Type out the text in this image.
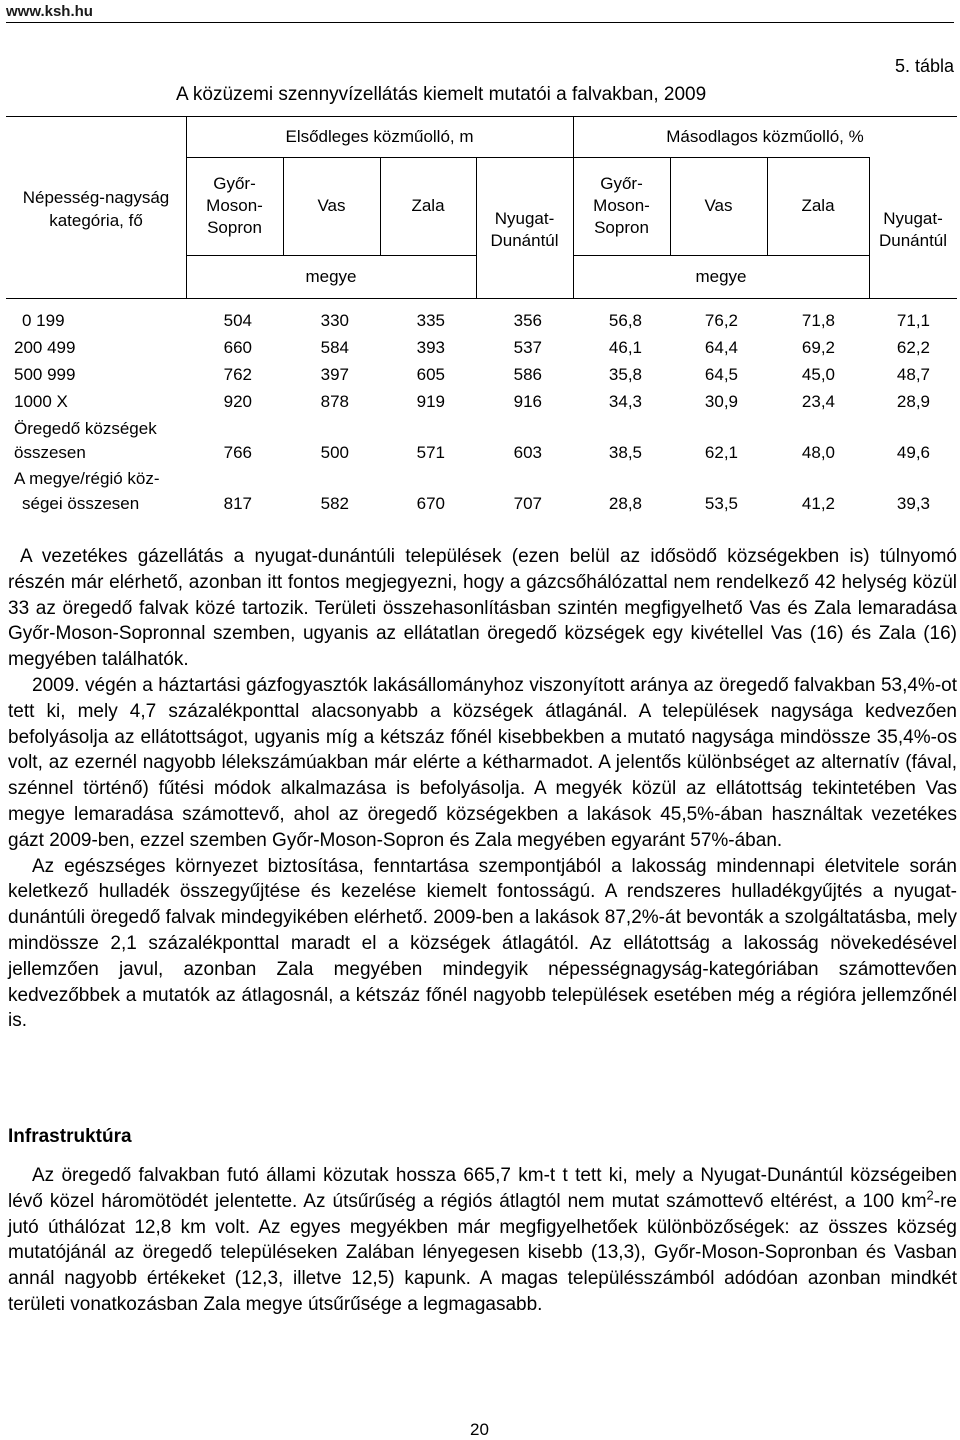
www.ksh.hu
5. tábla
A közüzemi szennyvízellátás kiemelt mutatói a falvakban, 2009
Elsődleges közműolló, m	Másodlagos közműolló, %
Népesség-nagyság
kategória, fő
Győr-
Moson-
Sopron
Vas	Zala
Nyugat-
Dunántúl
Győr-
Moson-
Sopron
Vas	Zala
Nyugat-
Dunántúl
megye	megye
0 199	504	330	335	356	56,8	76,2	71,8	71,1
200 499	660	584	393	537	46,1	64,4	69,2	62,2
500 999	762	397	605	586	35,8	64,5	45,0	48,7
1000 X	920	878	919	916	34,3	30,9	23,4	28,9
Öregedő községek
összesen	766	500	571	603	38,5	62,1	48,0	49,6
A megye/régió köz-
ségei összesen	817	582	670	707	28,8	53,5	41,2	39,3

A vezetékes gázellátás a nyugat-dunántúli települések (ezen belül az idősödő községekben is) túlnyomó részén már elérhető, azonban itt fontos megjegyezni, hogy a gázcsőhálózattal nem rendelkező 42 helység közül 33 az öregedő falvak közé tartozik. Területi összehasonlításban szintén megfigyelhető Vas és Zala lemaradása Győr-Moson-Sopronnal szemben, ugyanis az ellátatlan öregedő községek egy kivétellel Vas (16) és Zala (16) megyében találhatók.

2009. végén a háztartási gázfogyasztók lakásállományhoz viszonyított aránya az öregedő falvakban 53,4%-ot tett ki, mely 4,7 százalékponttal alacsonyabb a községek átlagánál. A települések nagysága kedvezően befolyásolja az ellátottságot, ugyanis míg a kétszáz főnél kisebbekben a mutató nagysága mindössze 35,4%-os volt, az ezernél nagyobb lélekszámúakban már elérte a kétharmadot. A jelentős különbséget az alternatív (fával, szénnel történő) fűtési módok alkalmazása is befolyásolja. A megyék közül az ellátottság tekintetében Vas megye lemaradása számottevő, ahol az öregedő községekben a lakások 45,5%-ában használtak vezetékes gázt 2009-ben, ezzel szemben Győr-Moson-Sopron és Zala megyében egyaránt 57%-ában.

Az egészséges környezet biztosítása, fenntartása szempontjából a lakosság mindennapi életvitele során keletkező hulladék összegyűjtése és kezelése kiemelt fontosságú. A rendszeres hulladékgyűjtés a nyugat-dunántúli öregedő falvak mindegyikében elérhető. 2009-ben a lakások 87,2%-át bevonták a szolgáltatásba, mely mindössze 2,1 százalékponttal maradt el a községek átlagától. Az ellátottság a lakosság növekedésével jellemzően javul, azonban Zala megyében mindegyik népességnagyság-kategóriában számottevően kedvezőbbek a mutatók az átlagosnál, a kétszáz főnél nagyobb települések esetében még a régióra jellemzőnél is.

Infrastruktúra

Az öregedő falvakban futó állami közutak hossza 665,7 km-t t tett ki, mely a Nyugat-Dunántúl községeiben lévő közel háromötödét jelentette. Az útsűrűség a régiós átlagtól nem mutat számottevő eltérést, a 100 $km^2-re$ jutó úthálózat 12,8 km volt. Az egyes megyékben már megfigyelhetőek különbözőségek: az összes község mutatójánál az öregedő településeken Zalában lényegesen kisebb (13,3), Győr-Moson-Sopronban és Vasban annál nagyobb értékeket (12,3, illetve 12,5) kapunk. A magas településszámból adódóan azonban mindkét területi vonatkozásban Zala megye útsűrűsége a legmagasabb.

20
